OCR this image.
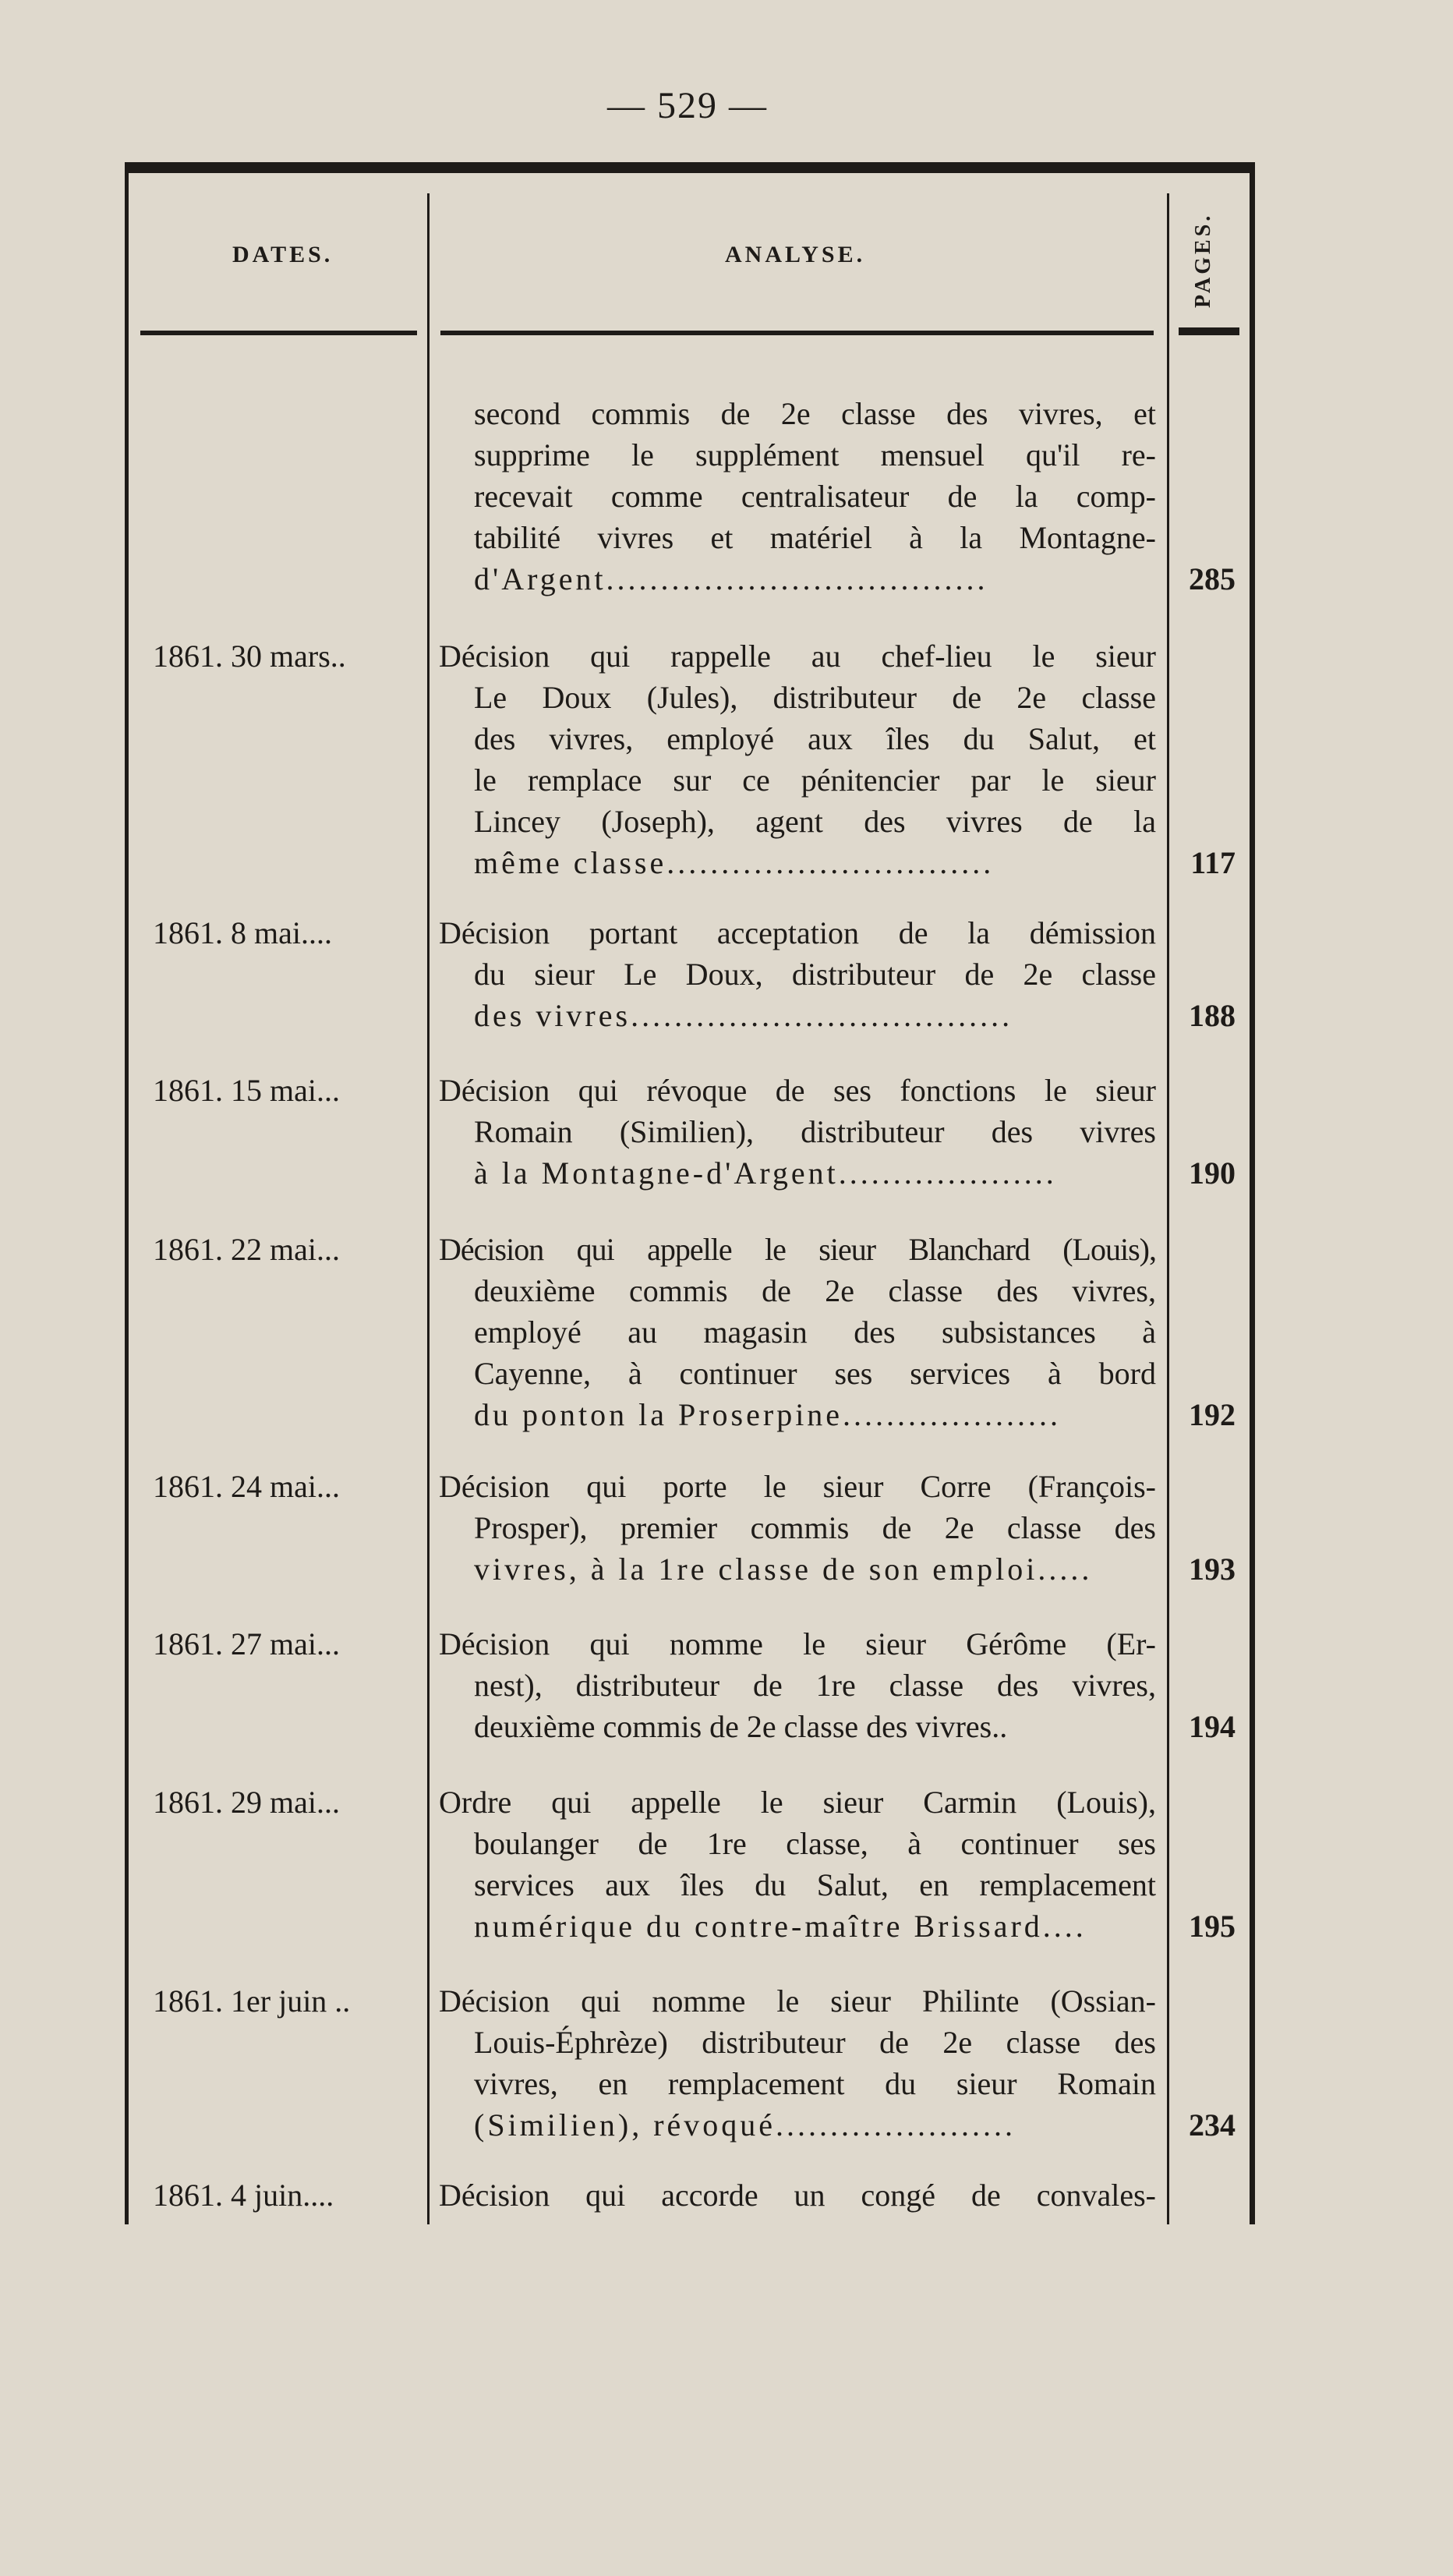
— 529 —
DATES.	ANALYSE.	PAGES.
second commis de 2e classe des vivres, et
supprime le supplément mensuel qu'il re-
recevait comme centralisateur de la comp-
tabilité vivres et matériel à la Montagne-
d'Argent...................................	285
1861. 30 mars..	Décision qui rappelle au chef-lieu le sieur
Le Doux (Jules), distributeur de 2e classe
des vivres, employé aux îles du Salut, et
le remplace sur ce pénitencier par le sieur
Lincey (Joseph), agent des vivres de la
même classe..............................	117
1861. 8 mai....	Décision portant acceptation de la démission
du sieur Le Doux, distributeur de 2e classe
des vivres...................................	188
1861. 15 mai...	Décision qui révoque de ses fonctions le sieur
Romain (Similien), distributeur des vivres
à la Montagne-d'Argent....................	190
1861. 22 mai...	Décision qui appelle le sieur Blanchard (Louis),
deuxième commis de 2e classe des vivres,
employé au magasin des subsistances à
Cayenne, à continuer ses services à bord
du ponton la Proserpine....................	192
1861. 24 mai...	Décision qui porte le sieur Corre (François-
Prosper), premier commis de 2e classe des
vivres, à la 1re classe de son emploi.....	193
1861. 27 mai...	Décision qui nomme le sieur Gérôme (Er-
nest), distributeur de 1re classe des vivres,
deuxième commis de 2e classe des vivres..	194
1861. 29 mai...	Ordre qui appelle le sieur Carmin (Louis),
boulanger de 1re classe, à continuer ses
services aux îles du Salut, en remplacement
numérique du contre-maître Brissard....	195
1861. 1er juin ..	Décision qui nomme le sieur Philinte (Ossian-
Louis-Éphrèze) distributeur de 2e classe des
vivres, en remplacement du sieur Romain
(Similien), révoqué......................	234
1861. 4 juin....	Décision qui accorde un congé de convales-
